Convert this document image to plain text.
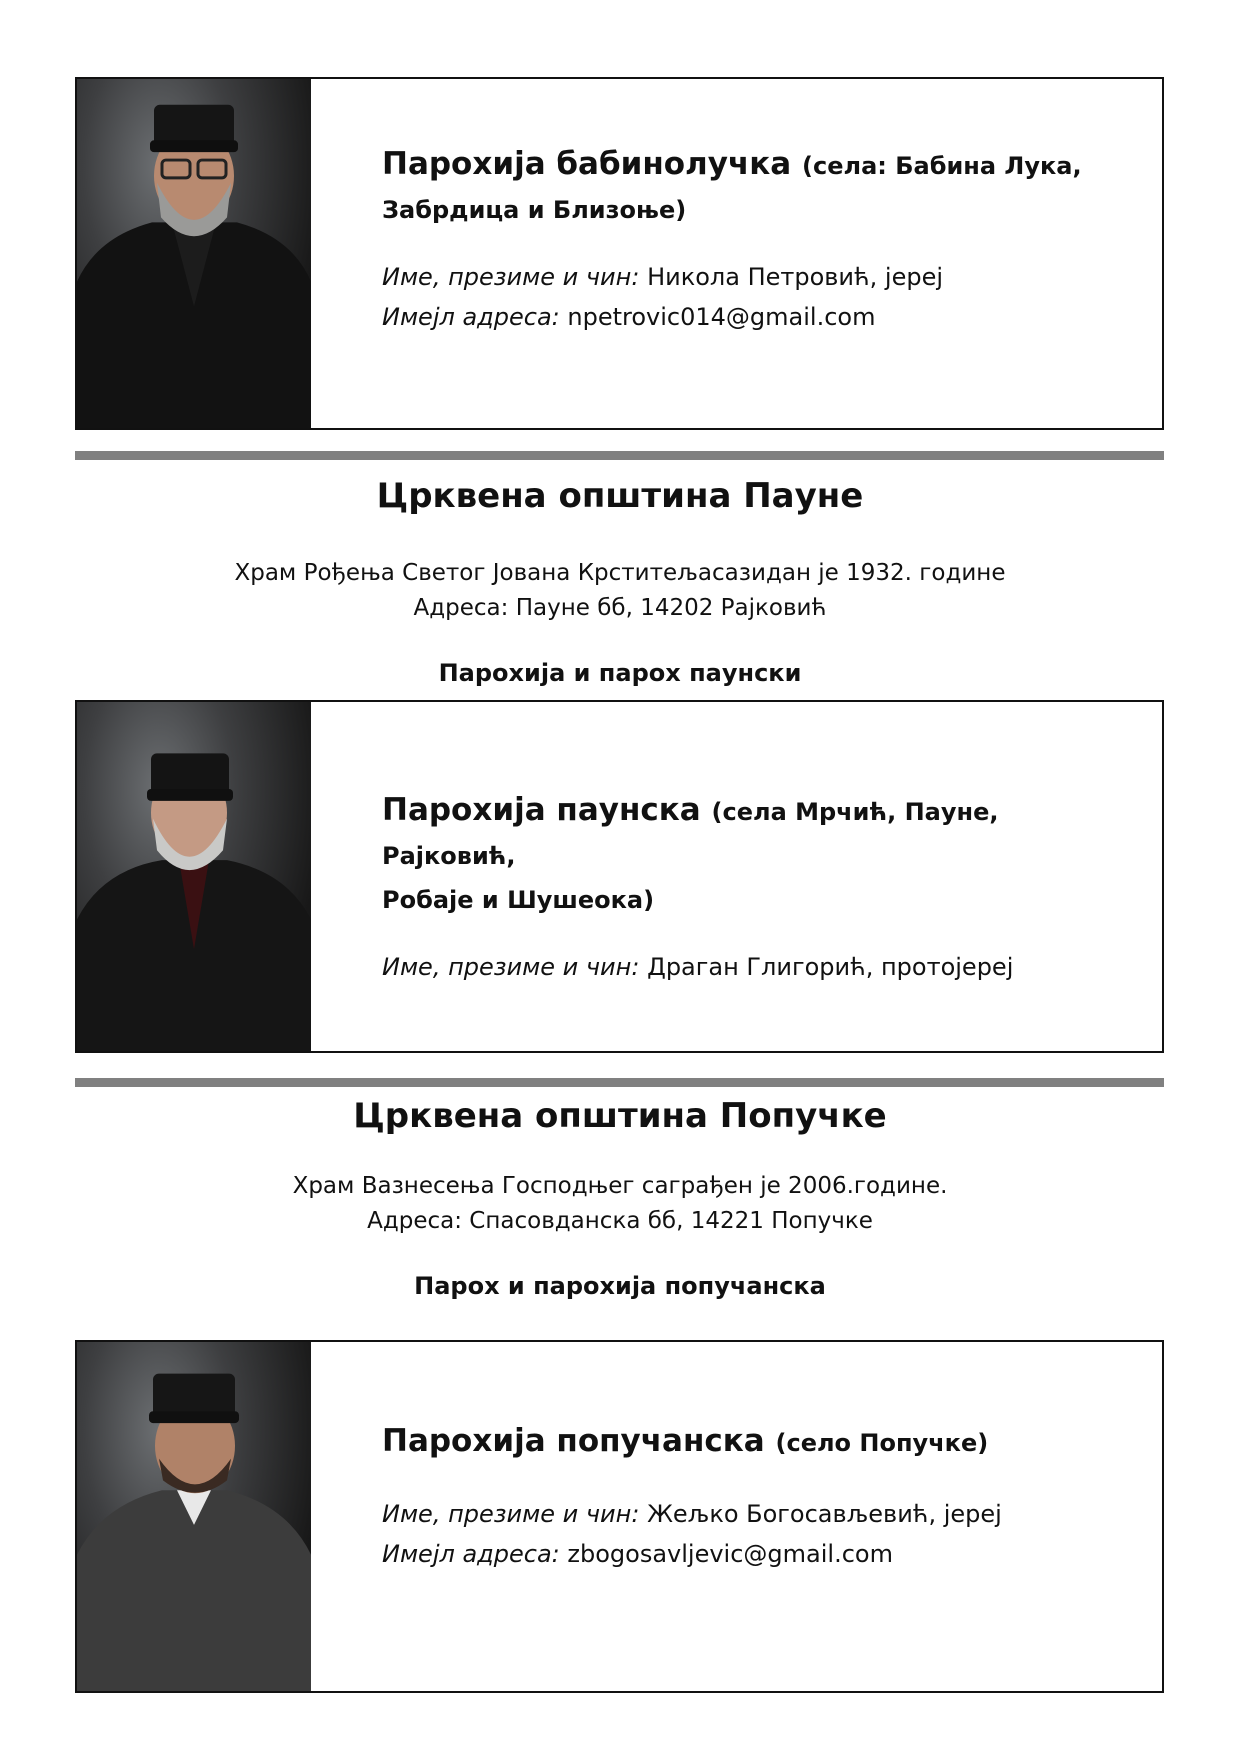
Парохија бабинолучка (села: Бабина Лука,
Забрдица и Близоње)

Име, презиме и чин: Никола Петровић, јереј

Имејл адреса: npetrovic014@gmail.com

Црквена општина Пауне

Храм Рођења Светог Јована Крститељасазидан је 1932. године

Адреса: Пауне бб, 14202 Рајковић

Парохија и парох паунски

Парохија паунска (села Мрчић, Пауне, Рајковић,
Робаје и Шушеока)

Име, презиме и чин: Драган Глигорић, протојереј

Црквена општина Попучке

Храм Вазнесења Господњег саграђен је 2006.године.

Адреса: Спасовданска бб, 14221 Попучке

Парох и парохија попучанска

Парохија попучанска (село Попучке)

Име, презиме и чин: Жељко Богосављевић, јереј

Имејл адреса: zbogosavljevic@gmail.com
